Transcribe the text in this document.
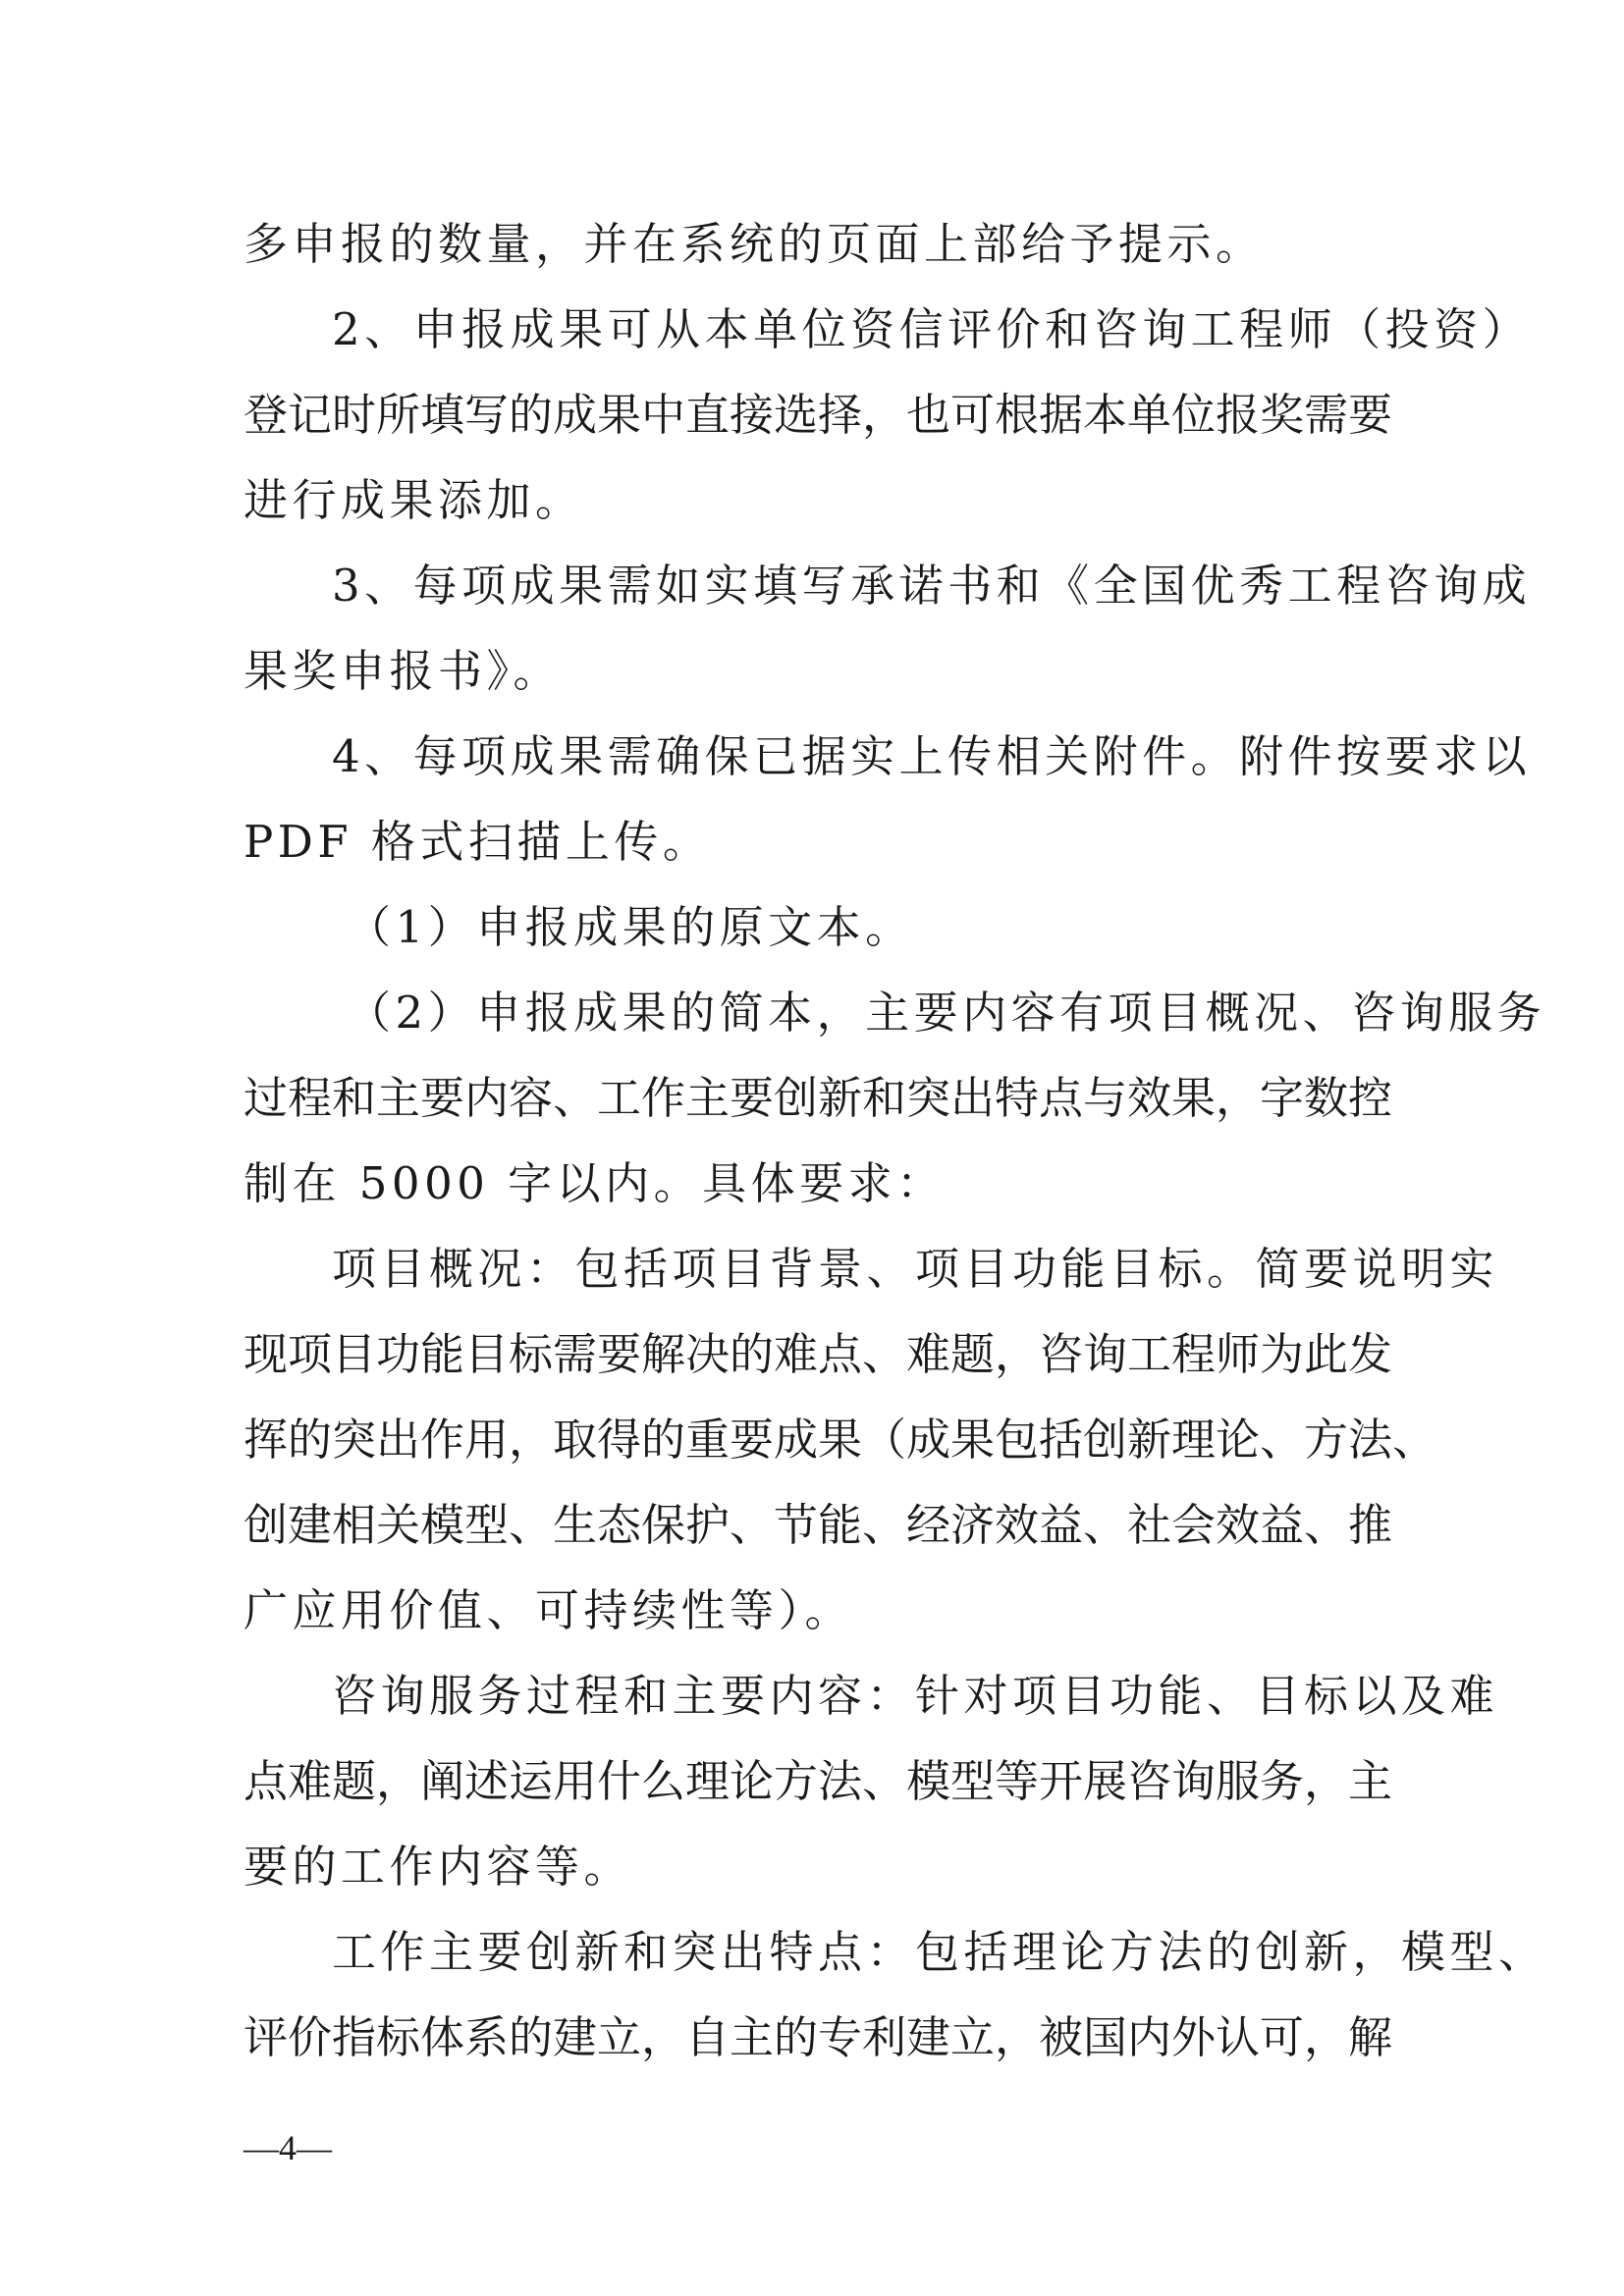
多申报的数量，并在系统的页面上部给予提示。
2、申报成果可从本单位资信评价和咨询工程师（投资）
登记时所填写的成果中直接选择，也可根据本单位报奖需要
进行成果添加。
3、每项成果需如实填写承诺书和《全国优秀工程咨询成
果奖申报书》。
4、每项成果需确保已据实上传相关附件。附件按要求以
PDF 格式扫描上传。
（1）申报成果的原文本。
（2）申报成果的简本，主要内容有项目概况、咨询服务
过程和主要内容、工作主要创新和突出特点与效果，字数控
制在 5000 字以内。具体要求：
项目概况：包括项目背景、项目功能目标。简要说明实
现项目功能目标需要解决的难点、难题，咨询工程师为此发
挥的突出作用，取得的重要成果（成果包括创新理论、方法、
创建相关模型、生态保护、节能、经济效益、社会效益、推
广应用价值、可持续性等）。
咨询服务过程和主要内容：针对项目功能、目标以及难
点难题，阐述运用什么理论方法、模型等开展咨询服务，主
要的工作内容等。
工作主要创新和突出特点：包括理论方法的创新，模型、
评价指标体系的建立，自主的专利建立，被国内外认可，解
—4—
